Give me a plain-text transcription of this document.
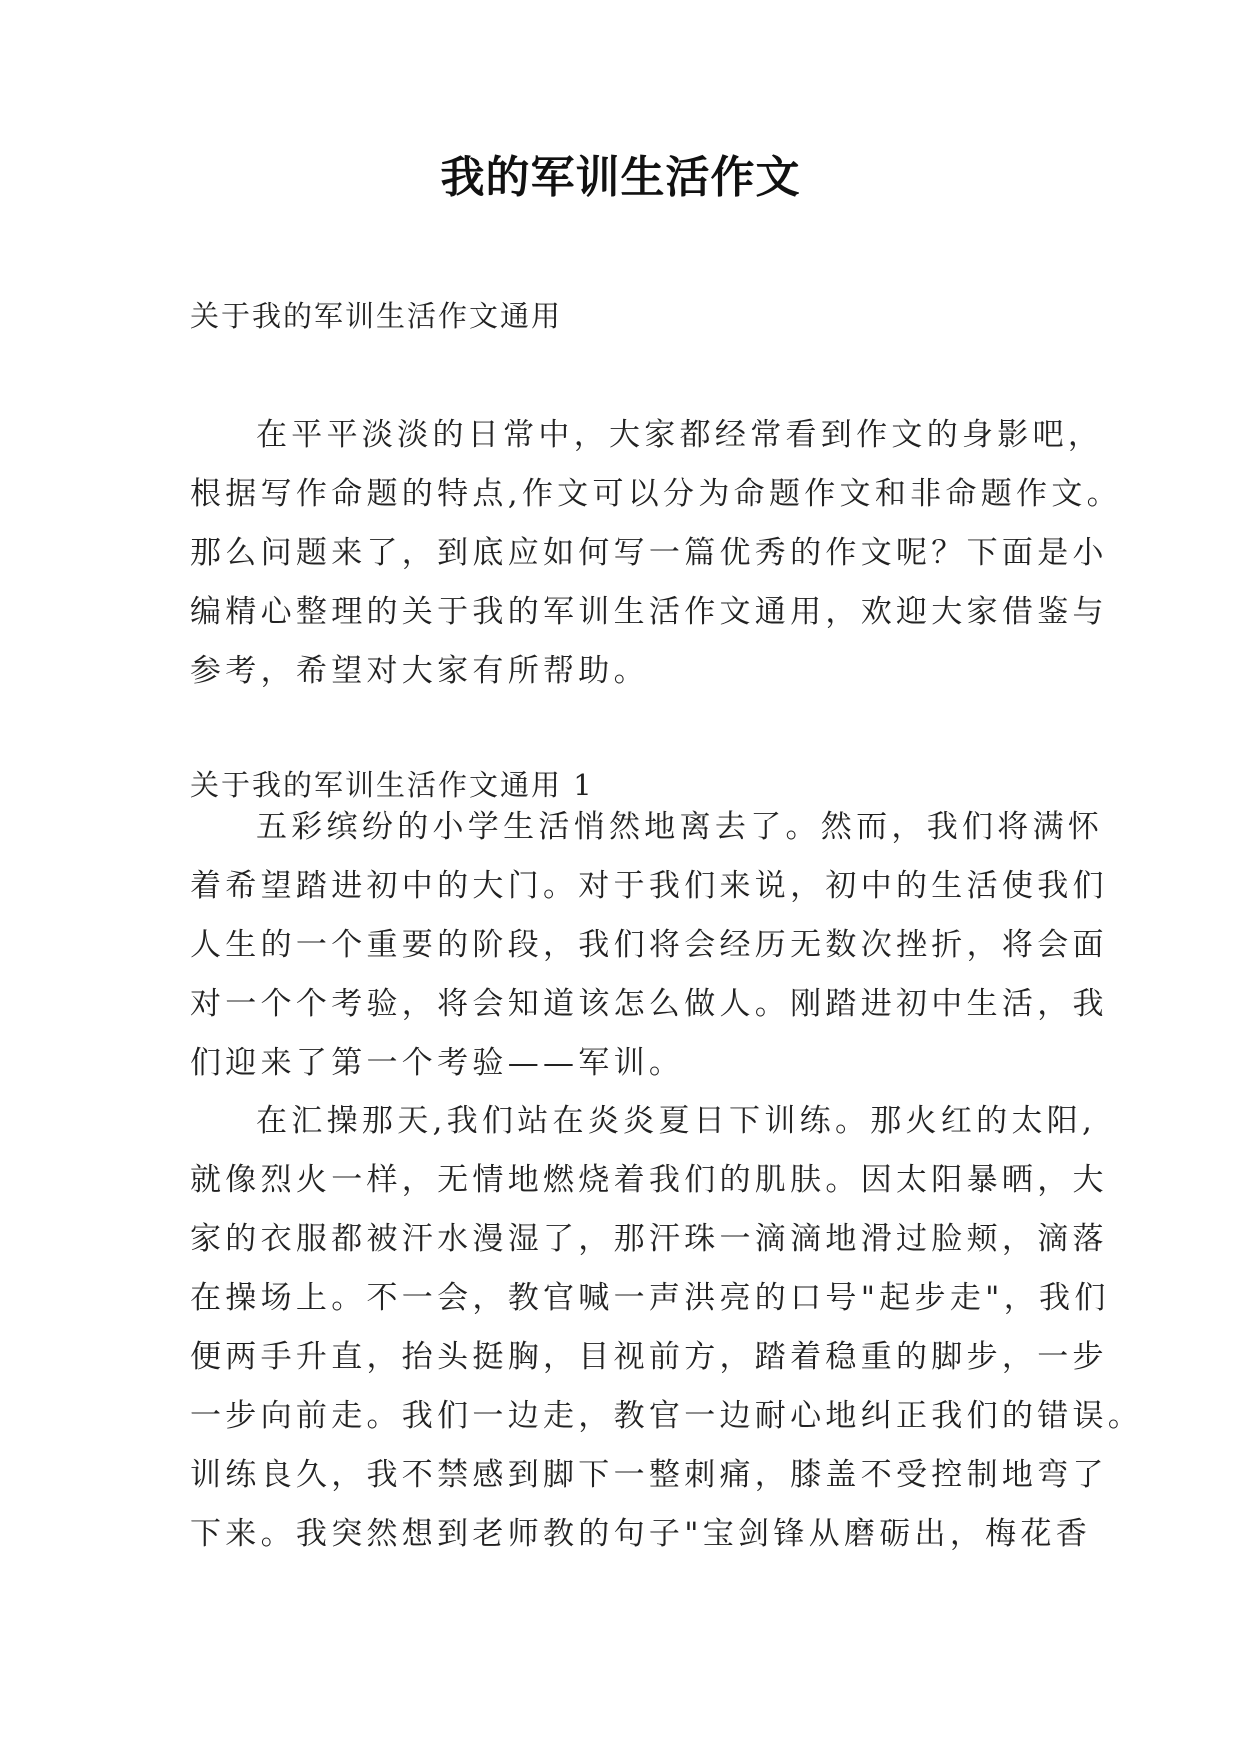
我的军训生活作文

关于我的军训生活作文通用

在平平淡淡的日常中，大家都经常看到作文的身影吧，
根据写作命题的特点,作文可以分为命题作文和非命题作文。
那么问题来了，到底应如何写一篇优秀的作文呢？下面是小
编精心整理的关于我的军训生活作文通用，欢迎大家借鉴与
参考，希望对大家有所帮助。

关于我的军训生活作文通用 1

五彩缤纷的小学生活悄然地离去了。然而，我们将满怀
着希望踏进初中的大门。对于我们来说，初中的生活使我们
人生的一个重要的阶段，我们将会经历无数次挫折，将会面
对一个个考验，将会知道该怎么做人。刚踏进初中生活，我
们迎来了第一个考验——军训。
在汇操那天,我们站在炎炎夏日下训练。那火红的太阳,
就像烈火一样，无情地燃烧着我们的肌肤。因太阳暴晒，大
家的衣服都被汗水漫湿了，那汗珠一滴滴地滑过脸颊，滴落
在操场上。不一会，教官喊一声洪亮的口号"起步走"，我们
便两手升直，抬头挺胸，目视前方，踏着稳重的脚步，一步
一步向前走。我们一边走，教官一边耐心地纠正我们的错误。
训练良久，我不禁感到脚下一整刺痛，膝盖不受控制地弯了
下来。我突然想到老师教的句子"宝剑锋从磨砺出，梅花香
